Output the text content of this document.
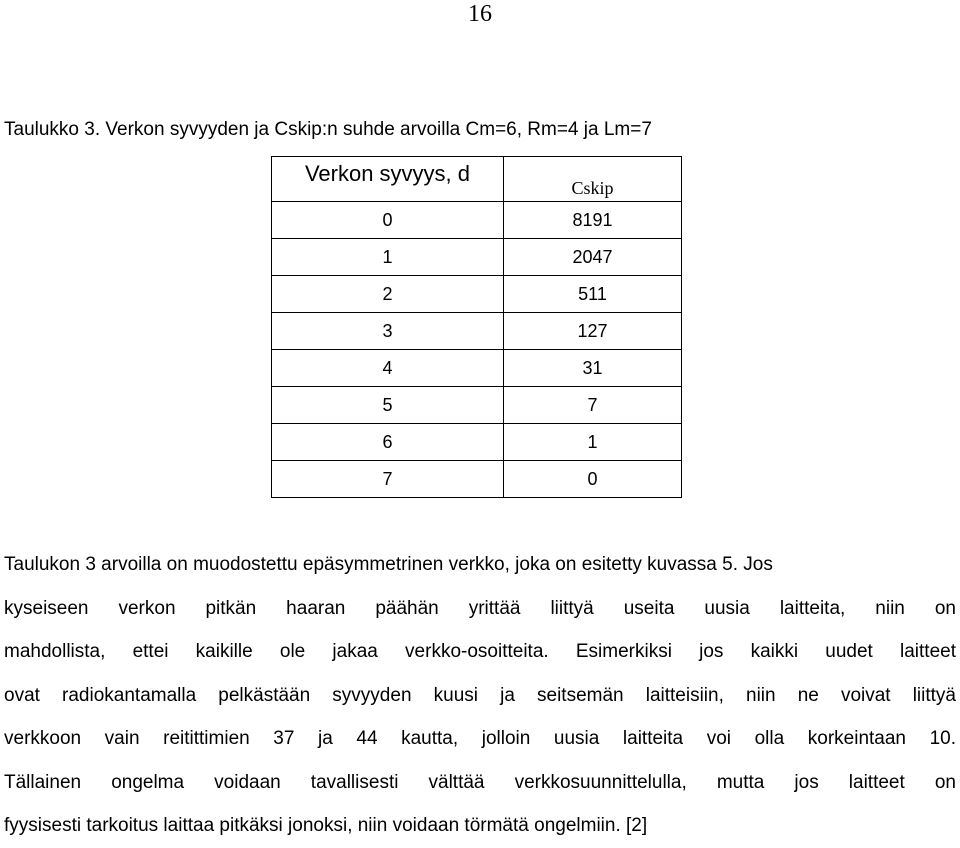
16
Taulukko 3. Verkon syvyyden ja Cskip:n suhde arvoilla Cm=6, Rm=4 ja Lm=7
Verkon syvyys, d	Cskip
0	8191
1	2047
2	511
3	127
4	31
5	7
6	1
7	0

Taulukon 3 arvoilla on muodostettu epäsymmetrinen verkko, joka on esitetty kuvassa 5. Jos
kyseiseen verkon pitkän haaran päähän yrittää liittyä useita uusia laitteita, niin on
mahdollista, ettei kaikille ole jakaa verkko-osoitteita. Esimerkiksi jos kaikki uudet laitteet
ovat radiokantamalla pelkästään syvyyden kuusi ja seitsemän laitteisiin, niin ne voivat liittyä
verkkoon vain reitittimien 37 ja 44 kautta, jolloin uusia laitteita voi olla korkeintaan 10.
Tällainen ongelma voidaan tavallisesti välttää verkkosuunnittelulla, mutta jos laitteet on
fyysisesti tarkoitus laittaa pitkäksi jonoksi, niin voidaan törmätä ongelmiin. [2]
